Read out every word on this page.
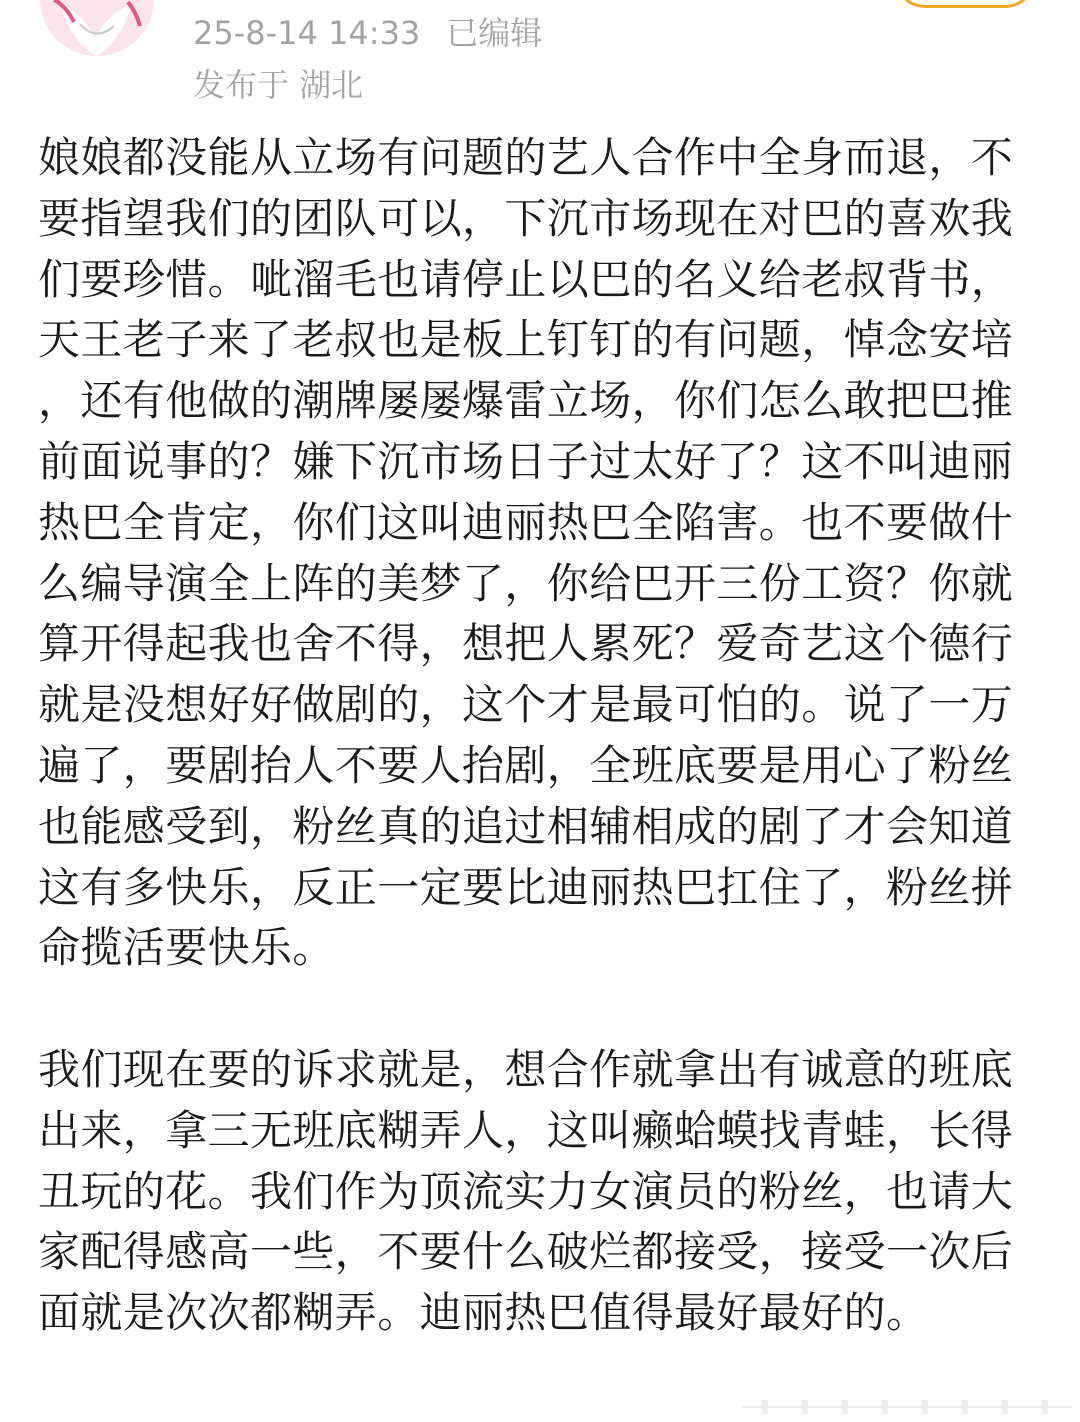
25-8-14 14:33 已编辑
发布于 湖北

娘娘都没能从立场有问题的艺人合作中全身而退，不要指望我们的团队可以，下沉市场现在对巴的喜欢我们要珍惜。呲溜毛也请停止以巴的名义给老叔背书，天王老子来了老叔也是板上钉钉的有问题，悼念安培，还有他做的潮牌屡屡爆雷立场，你们怎么敢把巴推前面说事的？嫌下沉市场日子过太好了？这不叫迪丽热巴全肯定，你们这叫迪丽热巴全陷害。也不要做什么编导演全上阵的美梦了，你给巴开三份工资？你就算开得起我也舍不得，想把人累死？爱奇艺这个德行就是没想好好做剧的，这个才是最可怕的。说了一万遍了，要剧抬人不要人抬剧，全班底要是用心了粉丝也能感受到，粉丝真的追过相辅相成的剧了才会知道这有多快乐，反正一定要比迪丽热巴扛住了，粉丝拼命揽活要快乐。

我们现在要的诉求就是，想合作就拿出有诚意的班底出来，拿三无班底糊弄人，这叫癞蛤蟆找青蛙，长得丑玩的花。我们作为顶流实力女演员的粉丝，也请大家配得感高一些，不要什么破烂都接受，接受一次后面就是次次都糊弄。迪丽热巴值得最好最好的。
